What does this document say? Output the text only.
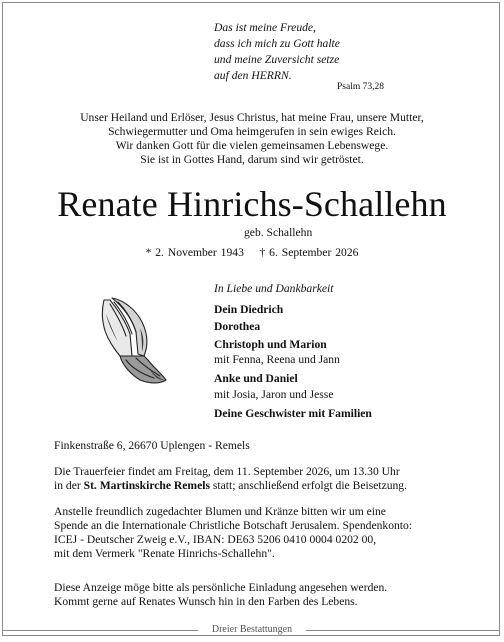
Das ist meine Freude,
dass ich mich zu Gott halte
und meine Zuversicht setze
auf den HERRN.
Psalm 73,28
Unser Heiland und Erlöser, Jesus Christus, hat meine Frau, unsere Mutter,
Schwiegermutter und Oma heimgerufen in sein ewiges Reich.
Wir danken Gott für die vielen gemeinsamen Lebenswege.
Sie ist in Gottes Hand, darum sind wir getröstet.
Renate Hinrichs-Schallehn
geb. Schallehn
* 2. November 1943    † 6. September 2026
In Liebe und Dankbarkeit
Dein Diedrich
Dorothea
Christoph und Marion
mit Fenna, Reena und Jann
Anke und Daniel
mit Josia, Jaron und Jesse
Deine Geschwister mit Familien
Finkenstraße 6, 26670 Uplengen - Remels
Die Trauerfeier findet am Freitag, dem 11. September 2026, um 13.30 Uhr
in der St. Martinskirche Remels statt; anschließend erfolgt die Beisetzung.
Anstelle freundlich zugedachter Blumen und Kränze bitten wir um eine
Spende an die Internationale Christliche Botschaft Jerusalem. Spendenkonto:
ICEJ - Deutscher Zweig e.V., IBAN: DE63 5206 0410 0004 0202 00,
mit dem Vermerk "Renate Hinrichs-Schallehn".
Diese Anzeige möge bitte als persönliche Einladung angesehen werden.
Kommt gerne auf Renates Wunsch hin in den Farben des Lebens.
Dreier Bestattungen
